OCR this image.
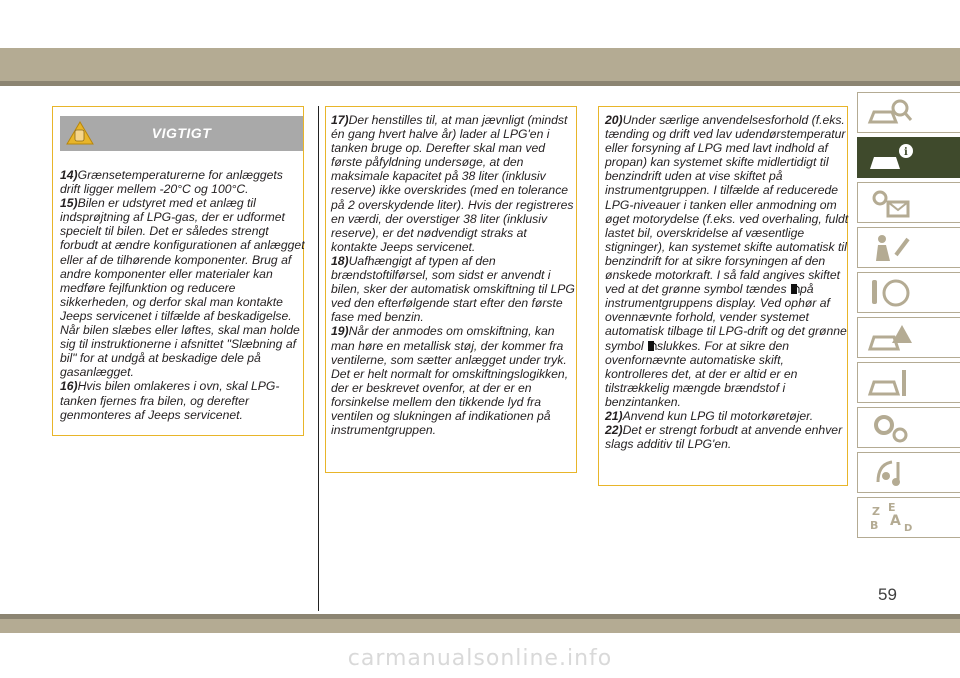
VIGTIGT

14)Grænsetemperaturerne for anlæggets drift ligger mellem -20°C og 100°C.

15)Bilen er udstyret med et anlæg til indsprøjtning af LPG-gas, der er udformet specielt til bilen. Det er således strengt forbudt at ændre konfigurationen af anlægget eller af de tilhørende komponenter. Brug af andre komponenter eller materialer kan medføre fejlfunktion og reducere sikkerheden, og derfor skal man kontakte Jeeps servicenet i tilfælde af beskadigelse. Når bilen slæbes eller løftes, skal man holde sig til instruktionerne i afsnittet "Slæbning af bil" for at undgå at beskadige dele på gasanlægget.

16)Hvis bilen omlakeres i ovn, skal LPG-tanken fjernes fra bilen, og derefter genmonteres af Jeeps servicenet.

17)Der henstilles til, at man jævnligt (mindst én gang hvert halve år) lader al LPG'en i tanken bruge op. Derefter skal man ved første påfyldning undersøge, at den maksimale kapacitet på 38 liter (inklusiv reserve) ikke overskrides (med en tolerance på 2 overskydende liter). Hvis der registreres en værdi, der overstiger 38 liter (inklusiv reserve), er det nødvendigt straks at kontakte Jeeps servicenet.

18)Uafhængigt af typen af den brændstoftilførsel, som sidst er anvendt i bilen, sker der automatisk omskiftning til LPG ved den efterfølgende start efter den første fase med benzin.

19)Når der anmodes om omskiftning, kan man høre en metallisk støj, der kommer fra ventilerne, som sætter anlægget under tryk. Det er helt normalt for omskiftningslogikken, der er beskrevet ovenfor, at der er en forsinkelse mellem den tikkende lyd fra ventilen og slukningen af indikationen på instrumentgruppen.

20)Under særlige anvendelsesforhold (f.eks. tænding og drift ved lav udendørstemperatur eller forsyning af LPG med lavt indhold af propan) kan systemet skifte midlertidigt til benzindrift uden at vise skiftet på instrumentgruppen. I tilfælde af reducerede LPG-niveauer i tanken eller anmodning om øget motorydelse (f.eks. ved overhaling, fuldt lastet bil, overskridelse af væsentlige stigninger), kan systemet skifte automatisk til benzindrift for at sikre forsyningen af den ønskede motorkraft. I så fald angives skiftet ved at det grønne symbol tændes på instrumentgruppens display. Ved ophør af ovennævnte forhold, vender systemet automatisk tilbage til LPG-drift og det grønne symbol slukkes. For at sikre den ovenfornævnte automatiske skift, kontrolleres det, at der er altid er en tilstrækkelig mængde brændstof i benzintanken.

21)Anvend kun LPG til motorkøretøjer.

22)Det er strengt forbudt at anvende enhver slags additiv til LPG'en.

i
Z E
A
B	D
59
carmanualsonline.info
